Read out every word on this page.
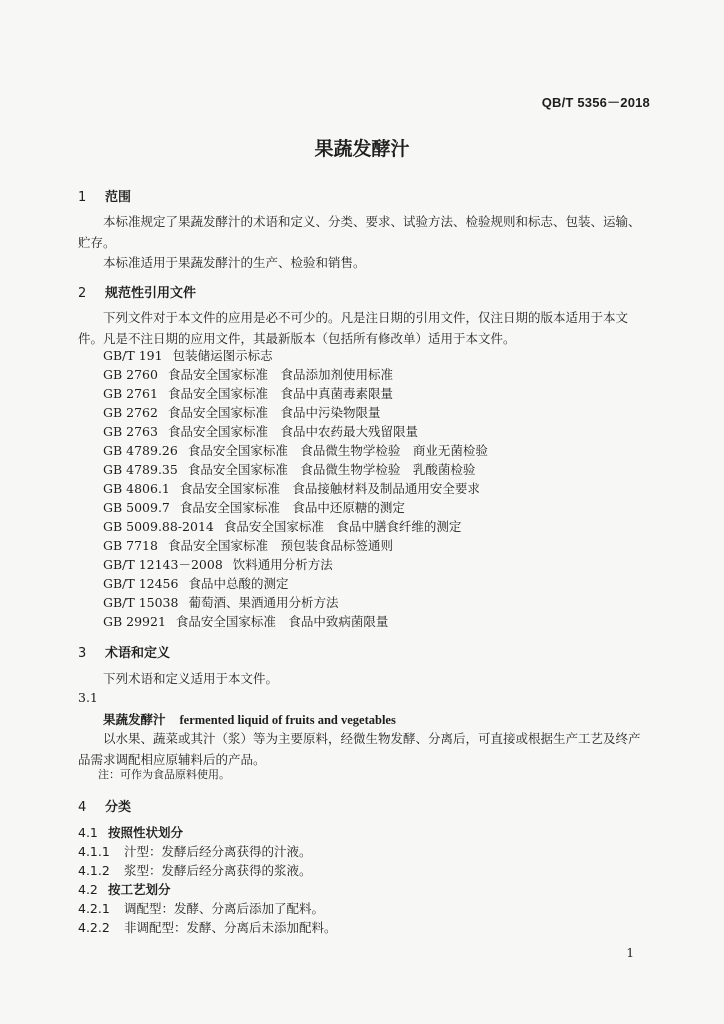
QB/T 5356－2018
果蔬发酵汁
1 范围
本标准规定了果蔬发酵汁的术语和定义、分类、要求、试验方法、检验规则和标志、包装、运输、贮存。
本标准适用于果蔬发酵汁的生产、检验和销售。
2 规范性引用文件
下列文件对于本文件的应用是必不可少的。凡是注日期的引用文件，仅注日期的版本适用于本文件。凡是不注日期的应用文件，其最新版本（包括所有修改单）适用于本文件。
GB/T 191 包装储运图示标志
GB 2760 食品安全国家标准　食品添加剂使用标准
GB 2761 食品安全国家标准　食品中真菌毒素限量
GB 2762 食品安全国家标准　食品中污染物限量
GB 2763 食品安全国家标准　食品中农药最大残留限量
GB 4789.26 食品安全国家标准　食品微生物学检验　商业无菌检验
GB 4789.35 食品安全国家标准　食品微生物学检验　乳酸菌检验
GB 4806.1 食品安全国家标准　食品接触材料及制品通用安全要求
GB 5009.7 食品安全国家标准　食品中还原糖的测定
GB 5009.88-2014 食品安全国家标准　食品中膳食纤维的测定
GB 7718 食品安全国家标准　预包装食品标签通则
GB/T 12143－2008 饮料通用分析方法
GB/T 12456 食品中总酸的测定
GB/T 15038 葡萄酒、果酒通用分析方法
GB 29921 食品安全国家标准　食品中致病菌限量
3 术语和定义
下列术语和定义适用于本文件。
3.1
果蔬发酵汁 fermented liquid of fruits and vegetables
以水果、蔬菜或其汁（浆）等为主要原料，经微生物发酵、分离后，可直接或根据生产工艺及终产品需求调配相应原辅料后的产品。
注：可作为食品原料使用。
4 分类
4.1 按照性状划分
4.1.1 汁型：发酵后经分离获得的汁液。
4.1.2 浆型：发酵后经分离获得的浆液。
4.2 按工艺划分
4.2.1 调配型：发酵、分离后添加了配料。
4.2.2 非调配型：发酵、分离后未添加配料。
1
